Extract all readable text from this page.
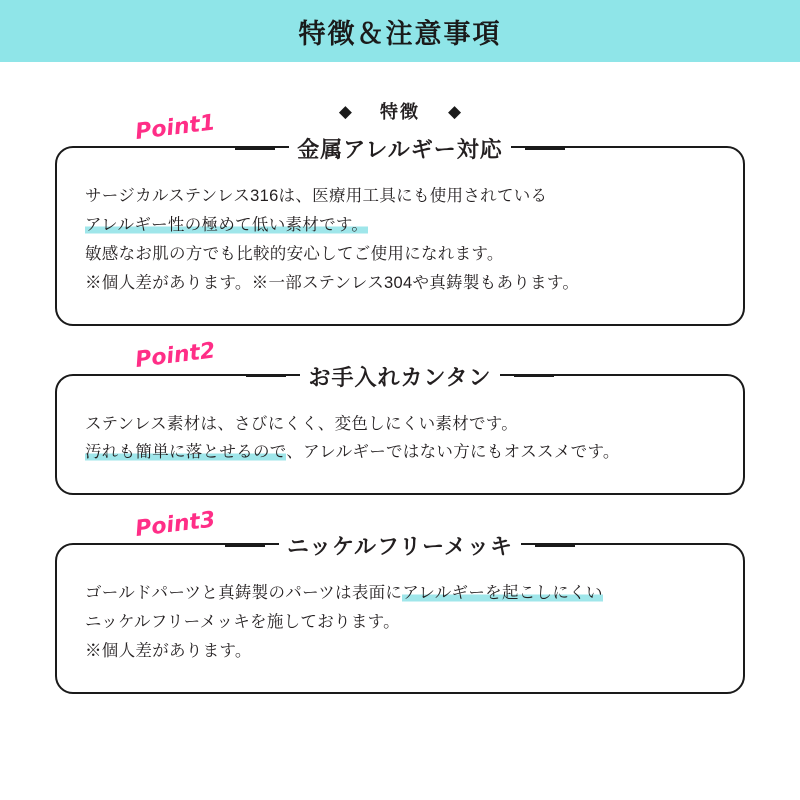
特徴＆注意事項
◆ 特徴 ◆
Point1
金属アレルギー対応

サージカルステンレス316は、医療用工具にも使用されている

アレルギー性の極めて低い素材です。

敏感なお肌の方でも比較的安心してご使用になれます。

※個人差があります。※一部ステンレス304や真鋳製もあります。

Point2
お手入れカンタン

ステンレス素材は、さびにくく、変色しにくい素材です。

汚れも簡単に落とせるので、アレルギーではない方にもオススメです。

Point3
ニッケルフリーメッキ

ゴールドパーツと真鋳製のパーツは表面にアレルギーを起こしにくい

ニッケルフリーメッキを施しております。

※個人差があります。
